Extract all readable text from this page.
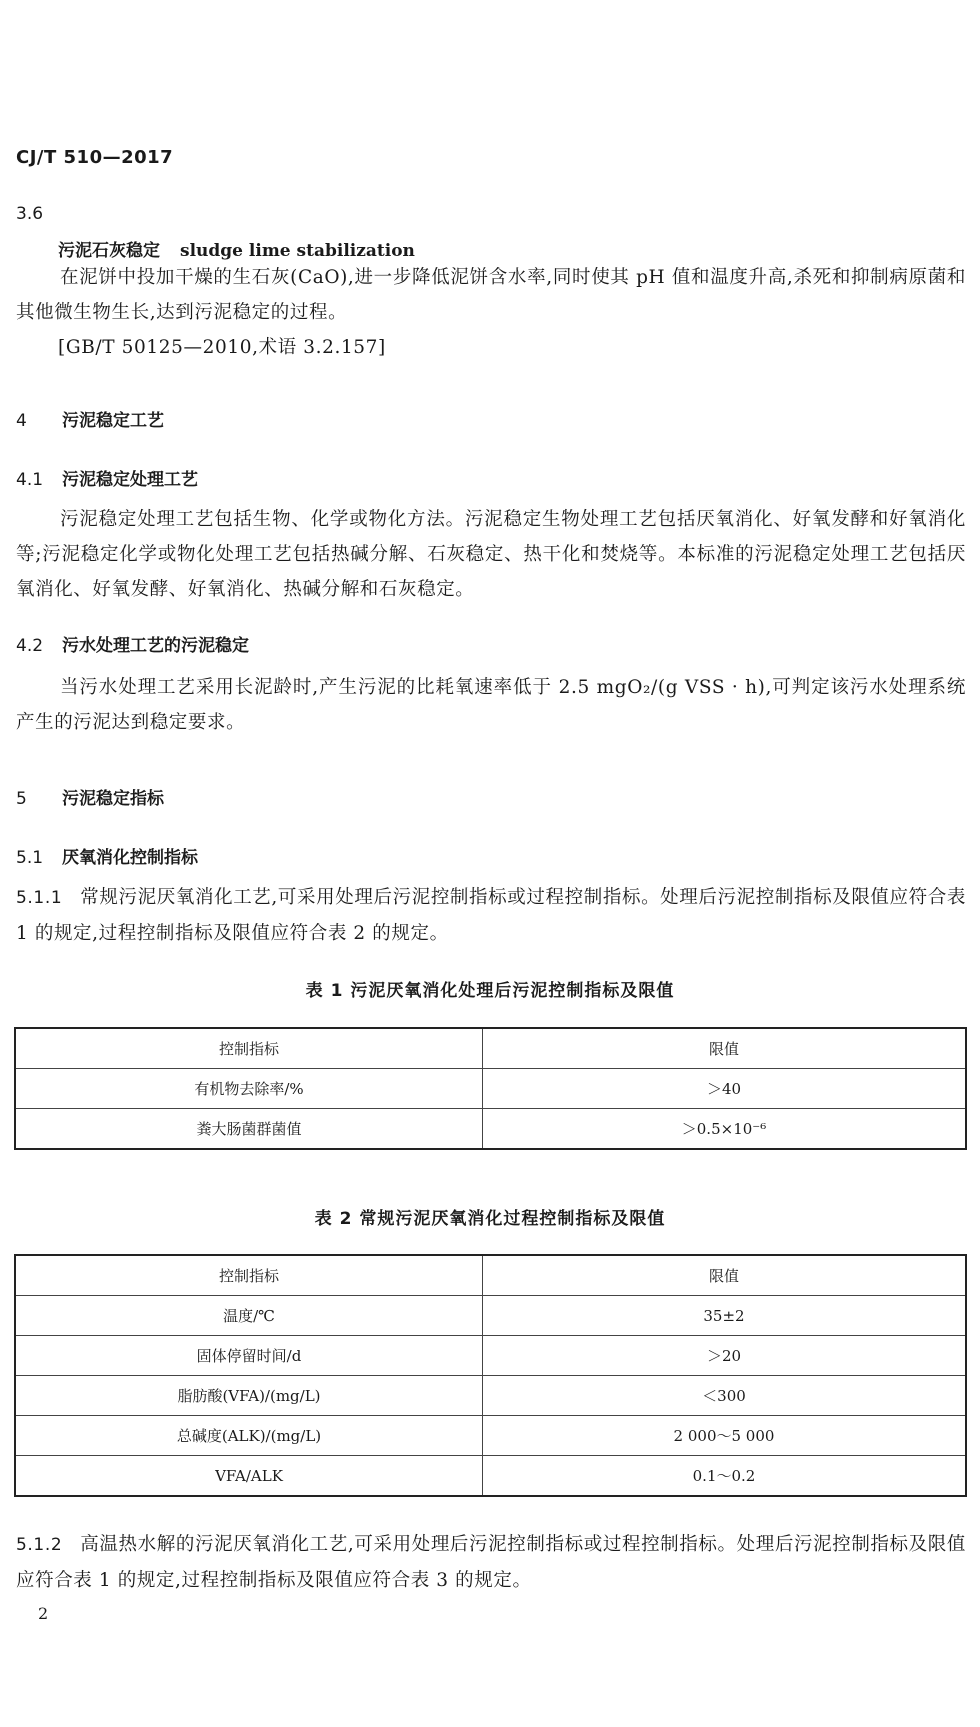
CJ/T 510—2017
3.6
污泥石灰稳定 sludge lime stabilization
在泥饼中投加干燥的生石灰(CaO),进一步降低泥饼含水率,同时使其 pH 值和温度升高,杀死和抑制病原菌和其他微生物生长,达到污泥稳定的过程。
[GB/T 50125—2010,术语 3.2.157]
4 污泥稳定工艺
4.1 污泥稳定处理工艺
污泥稳定处理工艺包括生物、化学或物化方法。污泥稳定生物处理工艺包括厌氧消化、好氧发酵和好氧消化等;污泥稳定化学或物化处理工艺包括热碱分解、石灰稳定、热干化和焚烧等。本标准的污泥稳定处理工艺包括厌氧消化、好氧发酵、好氧消化、热碱分解和石灰稳定。
4.2 污水处理工艺的污泥稳定
当污水处理工艺采用长泥龄时,产生污泥的比耗氧速率低于 2.5 mgO₂/(g VSS · h),可判定该污水处理系统产生的污泥达到稳定要求。
5 污泥稳定指标
5.1 厌氧消化控制指标
5.1.1 常规污泥厌氧消化工艺,可采用处理后污泥控制指标或过程控制指标。处理后污泥控制指标及限值应符合表 1 的规定,过程控制指标及限值应符合表 2 的规定。
表 1 污泥厌氧消化处理后污泥控制指标及限值
控制指标	限值
有机物去除率/%	＞40
粪大肠菌群菌值	＞0.5×10⁻⁶
表 2 常规污泥厌氧消化过程控制指标及限值
控制指标	限值
温度/℃	35±2
固体停留时间/d	＞20
脂肪酸(VFA)/(mg/L)	＜300
总碱度(ALK)/(mg/L)	2 000～5 000
VFA/ALK	0.1～0.2
5.1.2 高温热水解的污泥厌氧消化工艺,可采用处理后污泥控制指标或过程控制指标。处理后污泥控制指标及限值应符合表 1 的规定,过程控制指标及限值应符合表 3 的规定。
2
